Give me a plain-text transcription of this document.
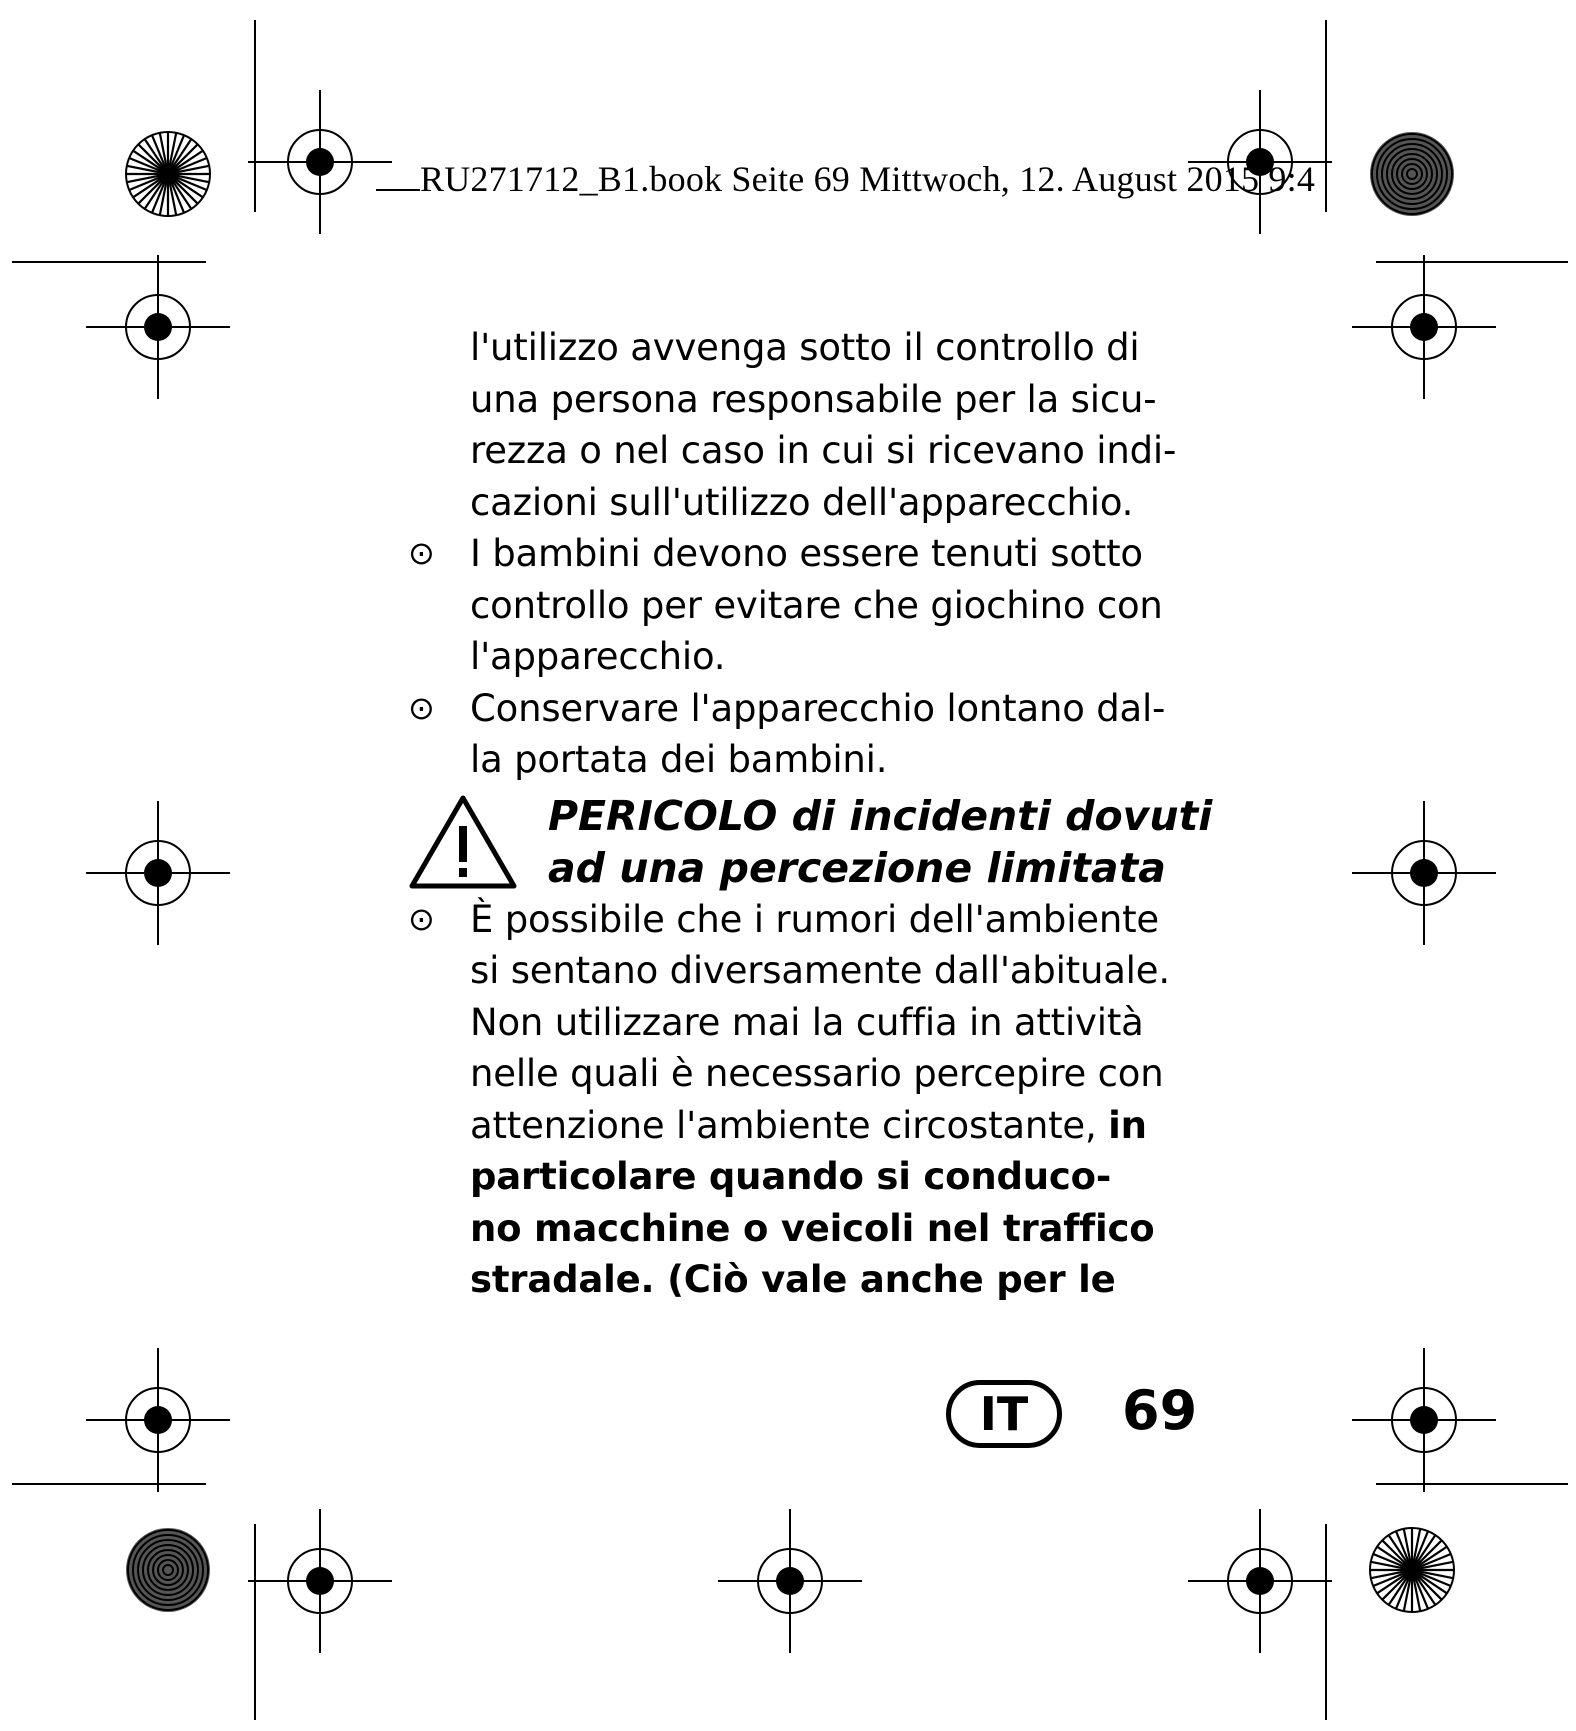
RU271712_B1.book Seite 69 Mittwoch, 12. August 2015 9:4
l'utilizzo avvenga sotto il controllo di
una persona responsabile per la sicu-
rezza o nel caso in cui si ricevano indi-
cazioni sull'utilizzo dell'apparecchio.
⊙ I bambini devono essere tenuti sotto
controllo per evitare che giochino con
l'apparecchio.
⊙ Conservare l'apparecchio lontano dal-
la portata dei bambini.
PERICOLO di incidenti dovuti
ad una percezione limitata
⊙ È possibile che i rumori dell'ambiente
si sentano diversamente dall'abituale.
Non utilizzare mai la cuffia in attività
nelle quali è necessario percepire con
attenzione l'ambiente circostante, in
particolare quando si conduco-
no macchine o veicoli nel traffico
stradale. (Ciò vale anche per le
IT	69
